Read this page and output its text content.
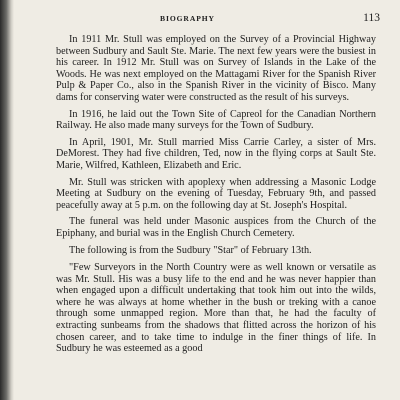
BIOGRAPHY	113

In 1911 Mr. Stull was employed on the Survey of a Provincial Highway between Sudbury and Sault Ste. Marie. The next few years were the busiest in his career. In 1912 Mr. Stull was on Survey of Islands in the Lake of the Woods. He was next employed on the Mattagami River for the Spanish River Pulp & Paper Co., also in the Spanish River in the vicinity of Bisco. Many dams for conserving water were constructed as the result of his surveys.

In 1916, he laid out the Town Site of Capreol for the Canadian Northern Railway. He also made many surveys for the Town of Sudbury.

In April, 1901, Mr. Stull married Miss Carrie Carley, a sister of Mrs. DeMorest. They had five children, Ted, now in the flying corps at Sault Ste. Marie, Wilfred, Kathleen, Elizabeth and Eric.

Mr. Stull was stricken with apoplexy when addressing a Masonic Lodge Meeting at Sudbury on the evening of Tuesday, February 9th, and passed peacefully away at 5 p.m. on the following day at St. Joseph's Hospital.

The funeral was held under Masonic auspices from the Church of the Epiphany, and burial was in the English Church Cemetery.

The following is from the Sudbury "Star" of February 13th.

"Few Surveyors in the North Country were as well known or versatile as was Mr. Stull. His was a busy life to the end and he was never happier than when engaged upon a difficult undertaking that took him out into the wilds, where he was always at home whether in the bush or treking with a canoe through some unmapped region. More than that, he had the faculty of extracting sunbeams from the shadows that flitted across the horizon of his chosen career, and to take time to indulge in the finer things of life. In Sudbury he was esteemed as a good
